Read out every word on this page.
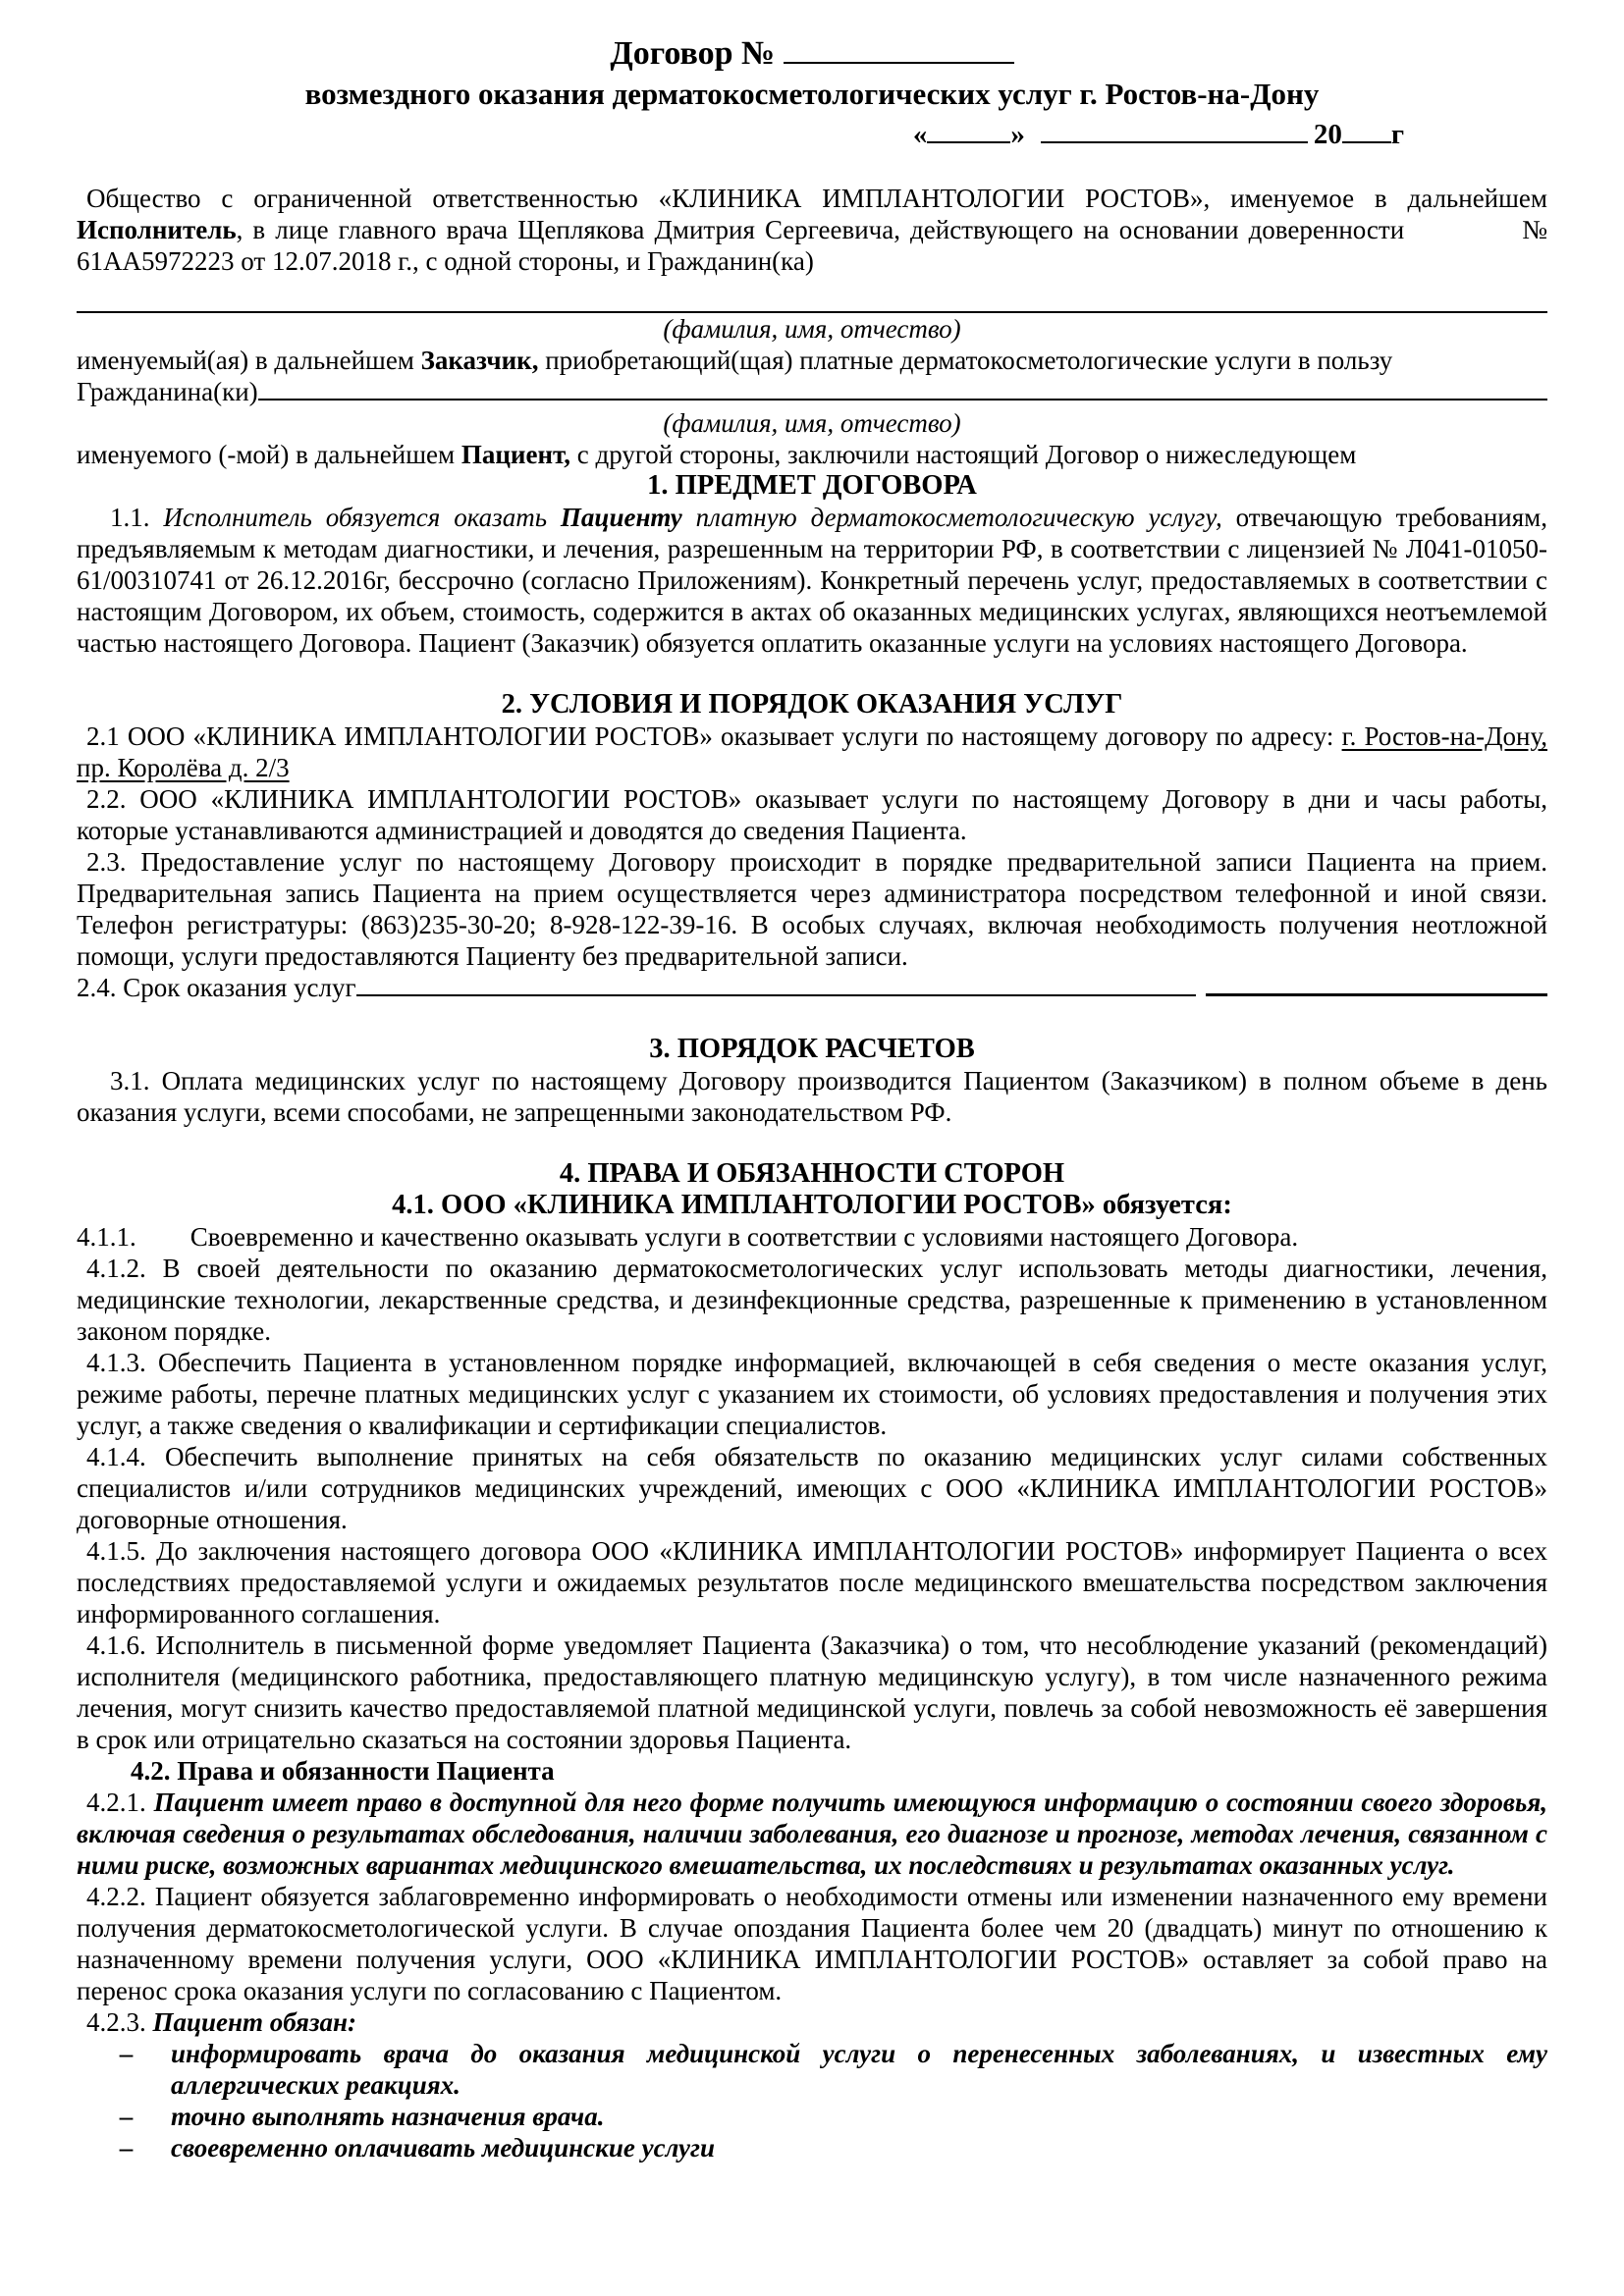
Договор №
возмездного оказания дерматокосметологических услуг г. Ростов-на-Дону
«	»	20 г
Общество с ограниченной ответственностью «КЛИНИКА ИМПЛАНТОЛОГИИ РОСТОВ», именуемое в дальнейшем Исполнитель, в лице главного врача Щеплякова Дмитрия Сергеевича, действующего на основании доверенности	№ 61АА5972223 от 12.07.2018 г., с одной стороны, и Гражданин(ка)
(фамилия, имя, отчество)
именуемый(ая) в дальнейшем Заказчик, приобретающий(щая) платные дерматокосметологические услуги в пользу
Гражданина(ки)
(фамилия, имя, отчество)
именуемого (-мой) в дальнейшем Пациент, с другой стороны, заключили настоящий Договор о нижеследующем
1. ПРЕДМЕТ ДОГОВОРА
1.1. Исполнитель обязуется оказать Пациенту платную дерматокосметологическую услугу, отвечающую требованиям, предъявляемым к методам диагностики, и лечения, разрешенным на территории РФ, в соответствии с лицензией № Л041-01050-61/00310741 от 26.12.2016г, бессрочно (согласно Приложениям). Конкретный перечень услуг, предоставляемых в соответствии с настоящим Договором, их объем, стоимость, содержится в актах об оказанных медицинских услугах, являющихся неотъемлемой частью настоящего Договора. Пациент (Заказчик) обязуется оплатить оказанные услуги на условиях настоящего Договора.
2. УСЛОВИЯ И ПОРЯДОК ОКАЗАНИЯ УСЛУГ
2.1 ООО «КЛИНИКА ИМПЛАНТОЛОГИИ РОСТОВ» оказывает услуги по настоящему договору по адресу: г. Ростов-на-Дону, пр. Королёва д. 2/3
2.2. ООО «КЛИНИКА ИМПЛАНТОЛОГИИ РОСТОВ» оказывает услуги по настоящему Договору в дни и часы работы, которые устанавливаются администрацией и доводятся до сведения Пациента.
2.3. Предоставление услуг по настоящему Договору происходит в порядке предварительной записи Пациента на прием. Предварительная запись Пациента на прием осуществляется через администратора посредством телефонной и иной связи. Телефон регистратуры: (863)235-30-20; 8-928-122-39-16. В особых случаях, включая необходимость получения неотложной помощи, услуги предоставляются Пациенту без предварительной записи.
2.4. Срок оказания услуг
3. ПОРЯДОК РАСЧЕТОВ
3.1. Оплата медицинских услуг по настоящему Договору производится Пациентом (Заказчиком) в полном объеме в день оказания услуги, всеми способами, не запрещенными законодательством РФ.
4. ПРАВА И ОБЯЗАННОСТИ СТОРОН
4.1. ООО «КЛИНИКА ИМПЛАНТОЛОГИИ РОСТОВ» обязуется:
4.1.1. Своевременно и качественно оказывать услуги в соответствии с условиями настоящего Договора.
4.1.2. В своей деятельности по оказанию дерматокосметологических услуг использовать методы диагностики, лечения, медицинские технологии, лекарственные средства, и дезинфекционные средства, разрешенные к применению в установленном законом порядке.
4.1.3. Обеспечить Пациента в установленном порядке информацией, включающей в себя сведения о месте оказания услуг, режиме работы, перечне платных медицинских услуг с указанием их стоимости, об условиях предоставления и получения этих услуг, а также сведения о квалификации и сертификации специалистов.
4.1.4. Обеспечить выполнение принятых на себя обязательств по оказанию медицинских услуг силами собственных специалистов и/или сотрудников медицинских учреждений, имеющих с ООО «КЛИНИКА ИМПЛАНТОЛОГИИ РОСТОВ» договорные отношения.
4.1.5. До заключения настоящего договора ООО «КЛИНИКА ИМПЛАНТОЛОГИИ РОСТОВ» информирует Пациента о всех последствиях предоставляемой услуги и ожидаемых результатов после медицинского вмешательства посредством заключения информированного соглашения.
4.1.6. Исполнитель в письменной форме уведомляет Пациента (Заказчика) о том, что несоблюдение указаний (рекомендаций) исполнителя (медицинского работника, предоставляющего платную медицинскую услугу), в том числе назначенного режима лечения, могут снизить качество предоставляемой платной медицинской услуги, повлечь за собой невозможность её завершения в срок или отрицательно сказаться на состоянии здоровья Пациента.
4.2. Права и обязанности Пациента
4.2.1. Пациент имеет право в доступной для него форме получить имеющуюся информацию о состоянии своего здоровья, включая сведения о результатах обследования, наличии заболевания, его диагнозе и прогнозе, методах лечения, связанном с ними риске, возможных вариантах медицинского вмешательства, их последствиях и результатах оказанных услуг.
4.2.2. Пациент обязуется заблаговременно информировать о необходимости отмены или изменении назначенного ему времени получения дерматокосметологической услуги. В случае опоздания Пациента более чем 20 (двадцать) минут по отношению к назначенному времени получения услуги, ООО «КЛИНИКА ИМПЛАНТОЛОГИИ РОСТОВ» оставляет за собой право на перенос срока оказания услуги по согласованию с Пациентом.
4.2.3. Пациент обязан:
–	информировать врача до оказания медицинской услуги о перенесенных заболеваниях, и известных ему аллергических реакциях.
–	точно выполнять назначения врача.
–	своевременно оплачивать медицинские услуги
